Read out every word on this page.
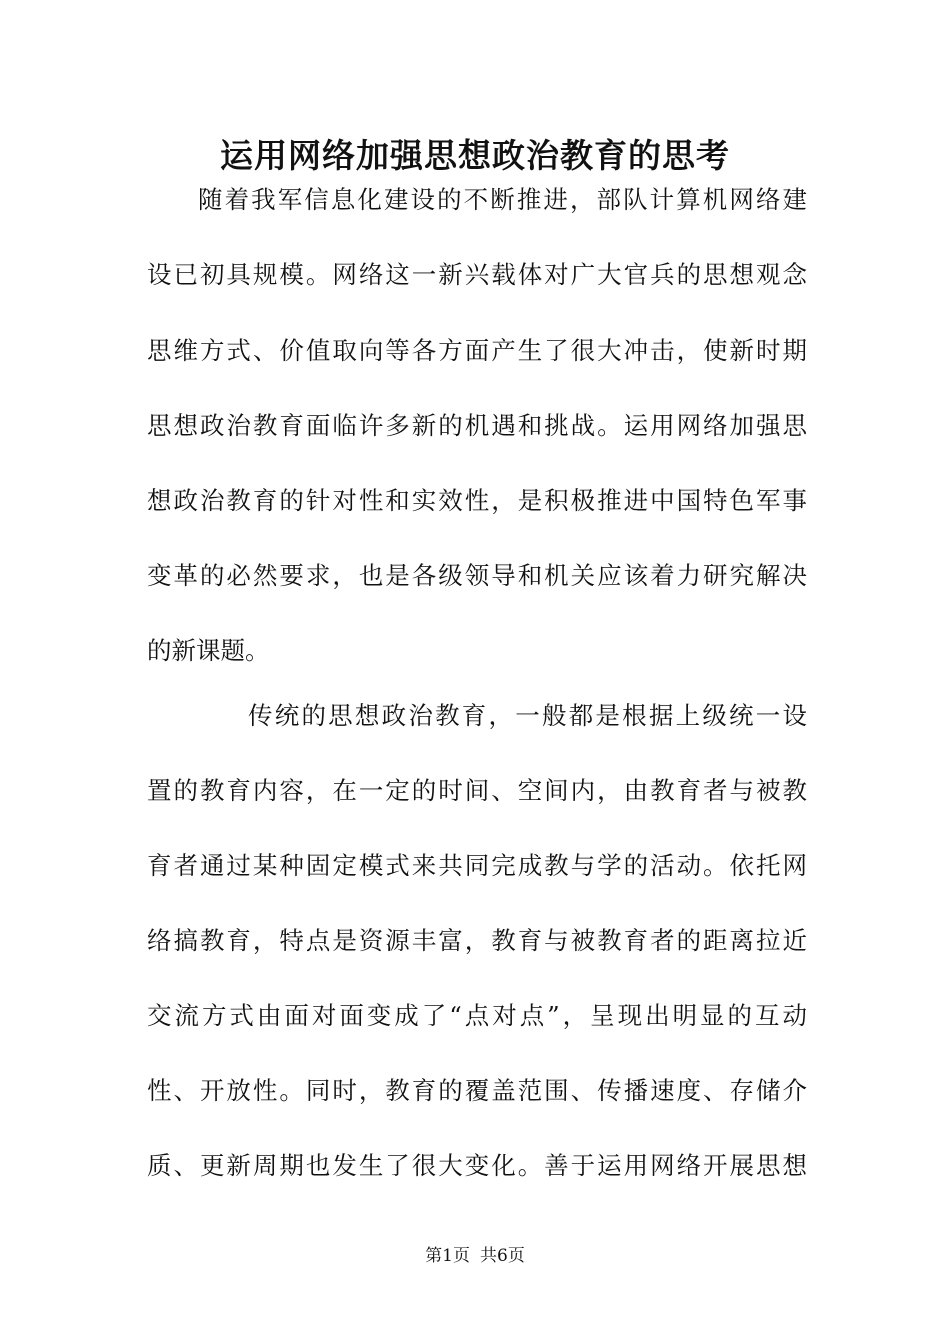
运用网络加强思想政治教育的思考

随着我军信息化建设的不断推进，部队计算机网络建

设已初具规模。网络这一新兴载体对广大官兵的思想观念

思维方式、价值取向等各方面产生了很大冲击，使新时期

思想政治教育面临许多新的机遇和挑战。运用网络加强思

想政治教育的针对性和实效性，是积极推进中国特色军事

变革的必然要求，也是各级领导和机关应该着力研究解决

的新课题。

传统的思想政治教育，一般都是根据上级统一设

置的教育内容，在一定的时间、空间内，由教育者与被教

育者通过某种固定模式来共同完成教与学的活动。依托网

络搞教育，特点是资源丰富，教育与被教育者的距离拉近

交流方式由面对面变成了“点对点”，呈现出明显的互动

性、开放性。同时，教育的覆盖范围、传播速度、存储介

质、更新周期也发生了很大变化。善于运用网络开展思想

第1页 共6页
